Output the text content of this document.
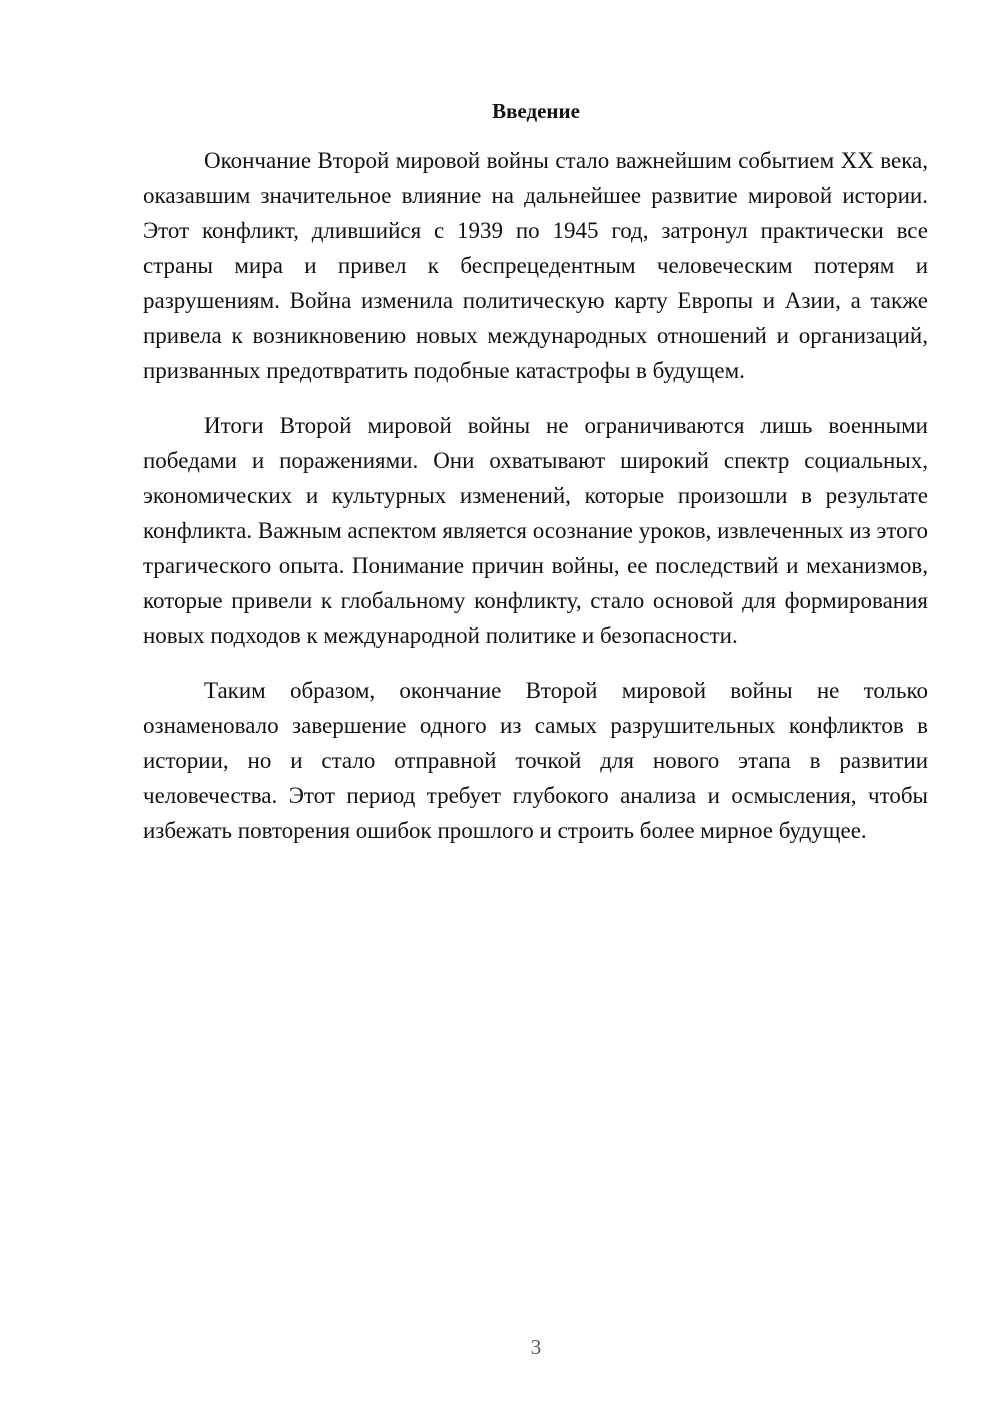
Введение

Окончание Второй мировой войны стало важнейшим событием XX века, оказавшим значительное влияние на дальнейшее развитие мировой истории. Этот конфликт, длившийся с 1939 по 1945 год, затронул практически все страны мира и привел к беспрецедентным человеческим потерям и разрушениям. Война изменила политическую карту Европы и Азии, а также привела к возникновению новых международных отношений и организаций, призванных предотвратить подобные катастрофы в будущем.

Итоги Второй мировой войны не ограничиваются лишь военными победами и поражениями. Они охватывают широкий спектр социальных, экономических и культурных изменений, которые произошли в результате конфликта. Важным аспектом является осознание уроков, извлеченных из этого трагического опыта. Понимание причин войны, ее последствий и механизмов, которые привели к глобальному конфликту, стало основой для формирования новых подходов к международной политике и безопасности.

Таким образом, окончание Второй мировой войны не только ознаменовало завершение одного из самых разрушительных конфликтов в истории, но и стало отправной точкой для нового этапа в развитии человечества. Этот период требует глубокого анализа и осмысления, чтобы избежать повторения ошибок прошлого и строить более мирное будущее.

3
